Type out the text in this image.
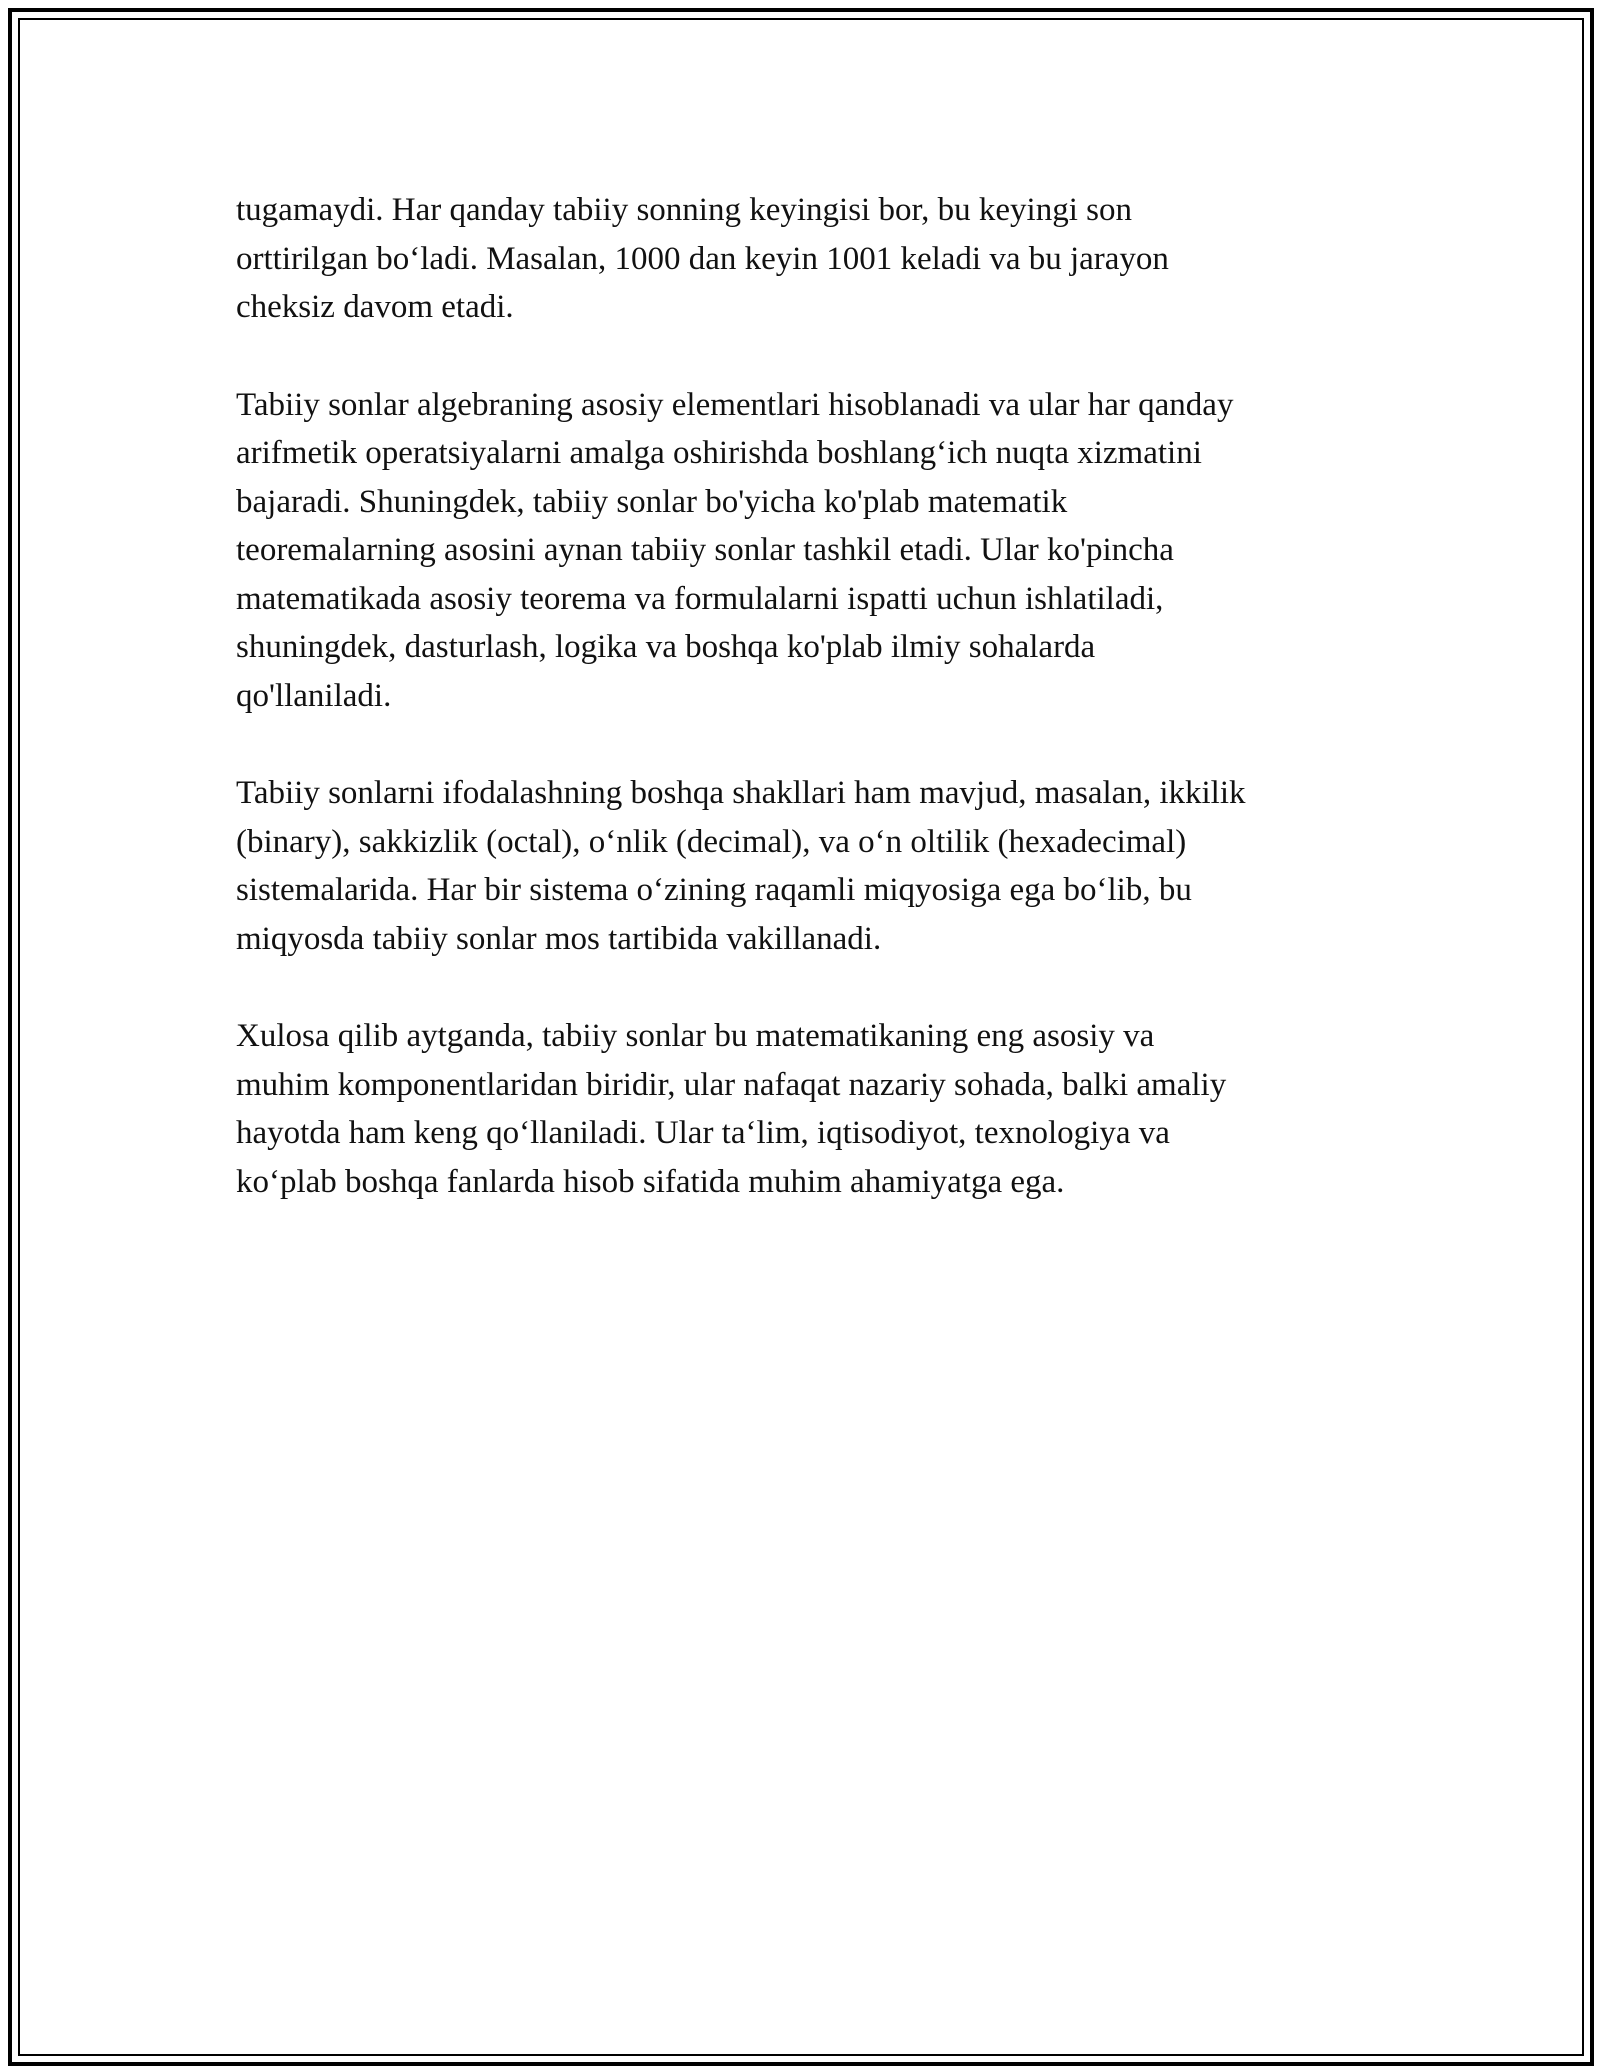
tugamaydi. Har qanday tabiiy sonning keyingisi bor, bu keyingi son
orttirilgan bo‘ladi. Masalan, 1000 dan keyin 1001 keladi va bu jarayon
cheksiz davom etadi.

Tabiiy sonlar algebraning asosiy elementlari hisoblanadi va ular har qanday
arifmetik operatsiyalarni amalga oshirishda boshlang‘ich nuqta xizmatini
bajaradi. Shuningdek, tabiiy sonlar bo'yicha ko'plab matematik
teoremalarning asosini aynan tabiiy sonlar tashkil etadi. Ular ko'pincha
matematikada asosiy teorema va formulalarni ispatti uchun ishlatiladi,
shuningdek, dasturlash, logika va boshqa ko'plab ilmiy sohalarda
qo'llaniladi.

Tabiiy sonlarni ifodalashning boshqa shakllari ham mavjud, masalan, ikkilik
(binary), sakkizlik (octal), o‘nlik (decimal), va o‘n oltilik (hexadecimal)
sistemalarida. Har bir sistema o‘zining raqamli miqyosiga ega bo‘lib, bu
miqyosda tabiiy sonlar mos tartibida vakillanadi.

Xulosa qilib aytganda, tabiiy sonlar bu matematikaning eng asosiy va
muhim komponentlaridan biridir, ular nafaqat nazariy sohada, balki amaliy
hayotda ham keng qo‘llaniladi. Ular ta‘lim, iqtisodiyot, texnologiya va
ko‘plab boshqa fanlarda hisob sifatida muhim ahamiyatga ega.
